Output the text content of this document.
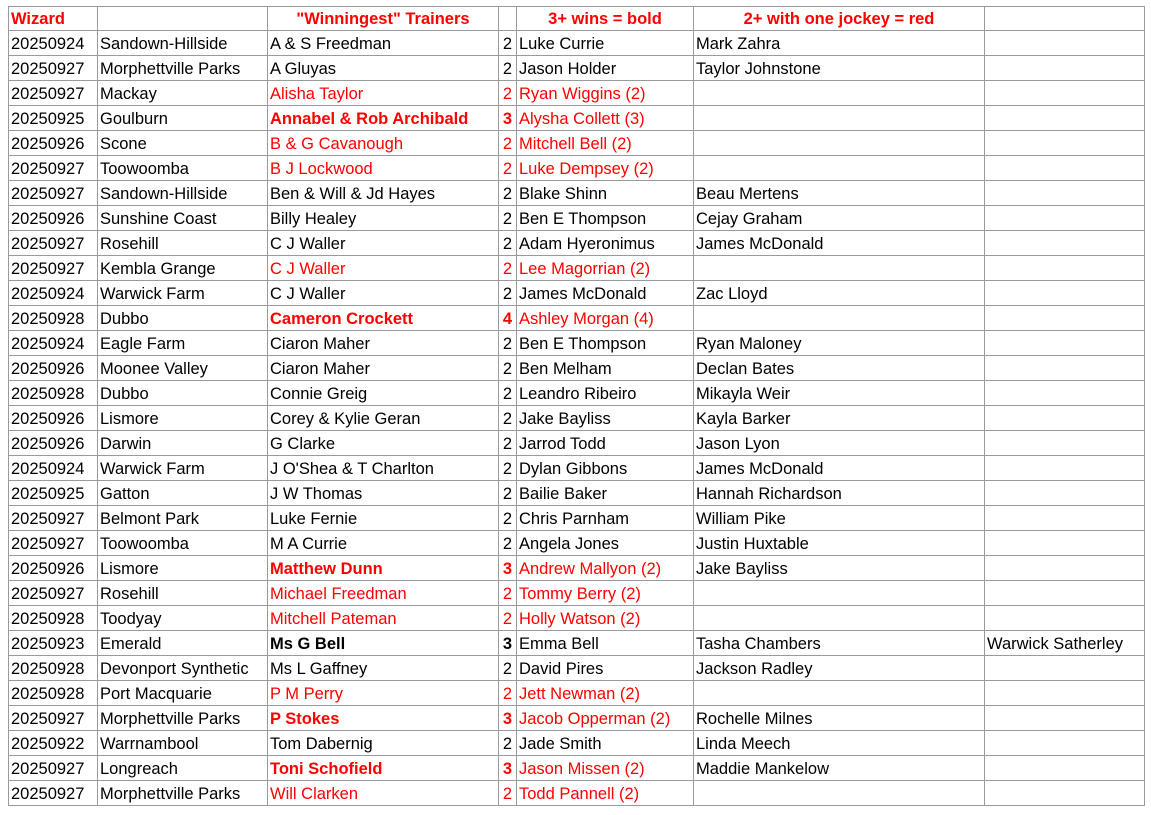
Wizard		"Winningest" Trainers		3+ wins = bold	2+ with one jockey = red	
20250924	Sandown-Hillside	A & S Freedman	2	Luke Currie	Mark Zahra	
20250927	Morphettville Parks	A Gluyas	2	Jason Holder	Taylor Johnstone	
20250927	Mackay	Alisha Taylor	2	Ryan Wiggins (2)		
20250925	Goulburn	Annabel & Rob Archibald	3	Alysha Collett (3)		
20250926	Scone	B & G Cavanough	2	Mitchell Bell (2)		
20250927	Toowoomba	B J Lockwood	2	Luke Dempsey (2)		
20250927	Sandown-Hillside	Ben & Will & Jd Hayes	2	Blake Shinn	Beau Mertens	
20250926	Sunshine Coast	Billy Healey	2	Ben E Thompson	Cejay Graham	
20250927	Rosehill	C J Waller	2	Adam Hyeronimus	James McDonald	
20250927	Kembla Grange	C J Waller	2	Lee Magorrian (2)		
20250924	Warwick Farm	C J Waller	2	James McDonald	Zac Lloyd	
20250928	Dubbo	Cameron Crockett	4	Ashley Morgan (4)		
20250924	Eagle Farm	Ciaron Maher	2	Ben E Thompson	Ryan Maloney	
20250926	Moonee Valley	Ciaron Maher	2	Ben Melham	Declan Bates	
20250928	Dubbo	Connie Greig	2	Leandro Ribeiro	Mikayla Weir	
20250926	Lismore	Corey & Kylie Geran	2	Jake Bayliss	Kayla Barker	
20250926	Darwin	G Clarke	2	Jarrod Todd	Jason Lyon	
20250924	Warwick Farm	J O'Shea & T Charlton	2	Dylan Gibbons	James McDonald	
20250925	Gatton	J W Thomas	2	Bailie Baker	Hannah Richardson	
20250927	Belmont Park	Luke Fernie	2	Chris Parnham	William Pike	
20250927	Toowoomba	M A Currie	2	Angela Jones	Justin Huxtable	
20250926	Lismore	Matthew Dunn	3	Andrew Mallyon (2)	Jake Bayliss	
20250927	Rosehill	Michael Freedman	2	Tommy Berry (2)		
20250928	Toodyay	Mitchell Pateman	2	Holly Watson (2)		
20250923	Emerald	Ms G Bell	3	Emma Bell	Tasha Chambers	Warwick Satherley
20250928	Devonport Synthetic	Ms L Gaffney	2	David Pires	Jackson Radley	
20250928	Port Macquarie	P M Perry	2	Jett Newman (2)		
20250927	Morphettville Parks	P Stokes	3	Jacob Opperman (2)	Rochelle Milnes	
20250922	Warrnambool	Tom Dabernig	2	Jade Smith	Linda Meech	
20250927	Longreach	Toni Schofield	3	Jason Missen (2)	Maddie Mankelow	
20250927	Morphettville Parks	Will Clarken	2	Todd Pannell (2)		
